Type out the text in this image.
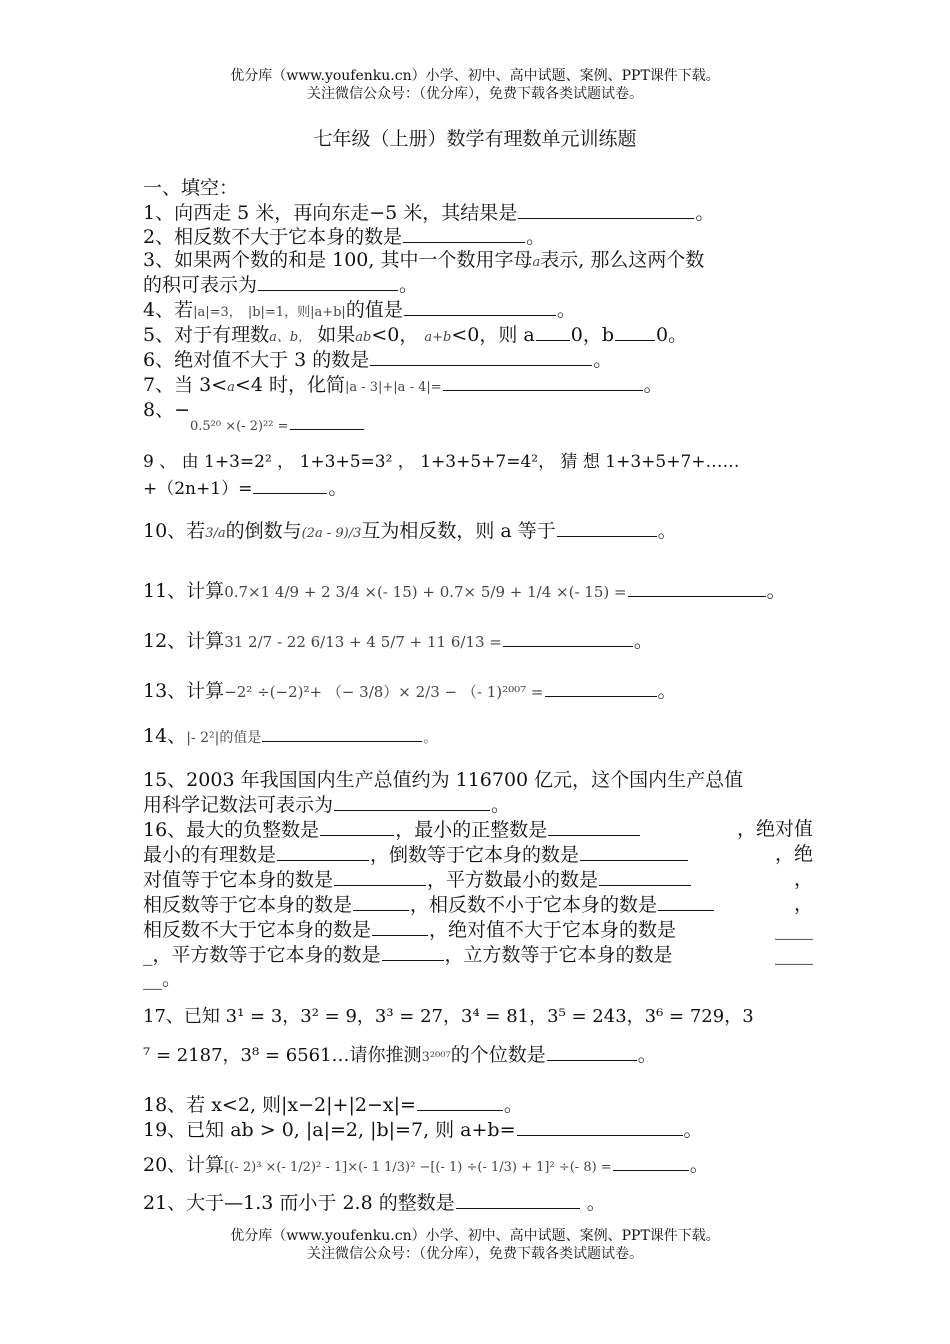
优分库（www.youfenku.cn）小学、初中、高中试题、案例、PPT课件下载。
关注微信公众号：（优分库），免费下载各类试题试卷。
七年级（上册）数学有理数单元训练题
一、填空：
1、向西走 5 米，再向东走−5 米，其结果是	。
2、相反数不大于它本身的数是	。
3、如果两个数的和是 100, 其中一个数用字母a表示, 那么这两个数
的积可表示为	。
4、若|a|=3， |b|=1，则|a+b|的值是	。
5、对于有理数a、b， 如果ab<0， a+b<0，则 a 0，b 0。
6、绝对值不大于 3 的数是	。
7、当 3<a<4 时，化简|a - 3|+|a - 4|=	。
8、−
0.5²⁰ ×(- 2)²² =
9 、 由 1+3=2² ， 1+3+5=3² ， 1+3+5+7=4²， 猜 想 1+3+5+7+……
+（2n+1）=	。
10、若3/a的倒数与(2a - 9)/3互为相反数，则 a 等于	。
11、计算0.7×1 4/9 + 2 3/4 ×(- 15) + 0.7× 5/9 + 1/4 ×(- 15) =	。
12、计算31 2/7 - 22 6/13 + 4 5/7 + 11 6/13 =	。
13、计算−2² ÷(−2)²+ （− 3/8）× 2/3 − （- 1)²⁰⁰⁷ =	。
14、|- 2²|的值是	。
15、2003 年我国国内生产总值约为 116700 亿元，这个国内生产总值
用科学记数法可表示为	。
16、最大的负整数是	，最小的正整数是	，绝对值
最小的有理数是	，倒数等于它本身的数是	，绝
对值等于它本身的数是	，平方数最小的数是	，
相反数等于它本身的数是	，相反数不小于它本身的数是	，
相反数不大于它本身的数是	，绝对值不大于它本身的数是	____
_，平方数等于它本身的数是	，立方数等于它本身的数是	____
__。
17、已知 3¹ = 3，3² = 9，3³ = 27，3⁴ = 81，3⁵ = 243，3⁶ = 729，3
⁷ = 2187，3⁸ = 6561…请你推测3²⁰⁰⁷的个位数是	。
18、若 x<2, 则|x−2|+|2−x|=	。
19、已知 ab > 0, |a|=2, |b|=7, 则 a+b=	。
20、计算[(- 2)³ ×(- 1/2)² - 1]×(- 1 1/3)² −[(- 1) ÷(- 1/3) + 1]² ÷(- 8) =	。
21、大于—1.3 而小于 2.8 的整数是	。
优分库（www.youfenku.cn）小学、初中、高中试题、案例、PPT课件下载。
关注微信公众号：（优分库），免费下载各类试题试卷。
